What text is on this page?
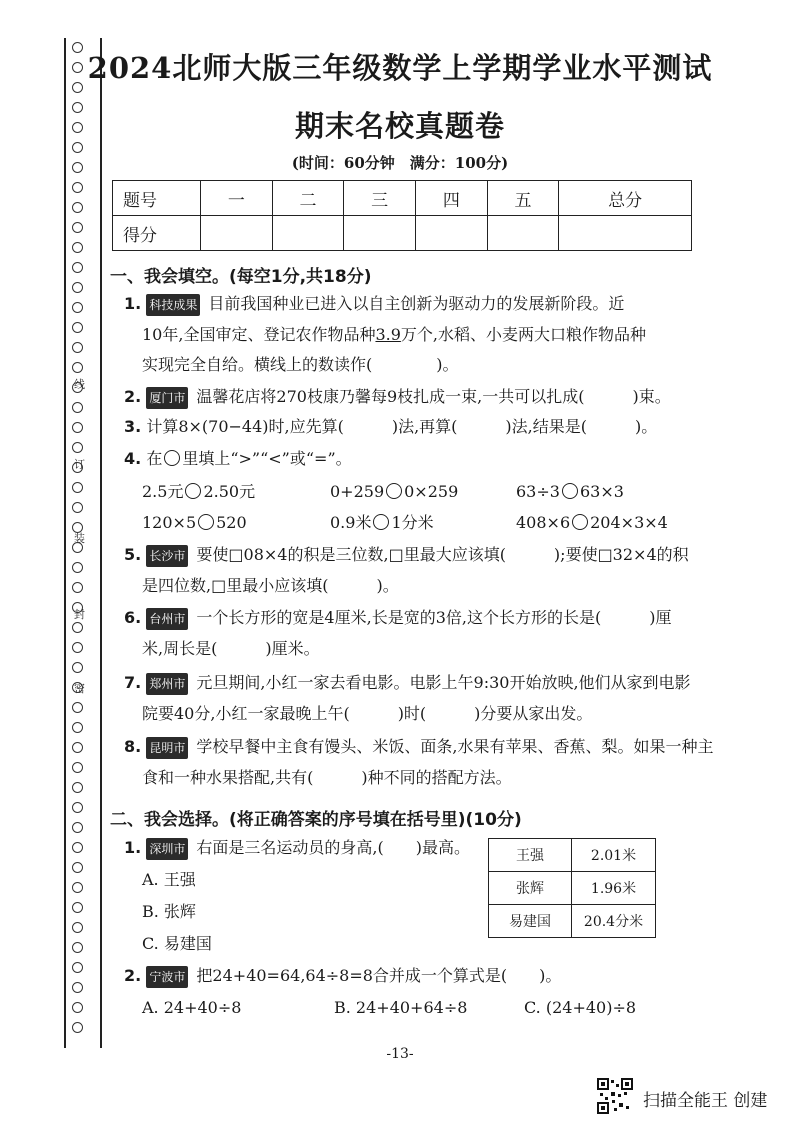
线
订
装
封
密
2024北师大版三年级数学上学期学业水平测试
期末名校真题卷
(时间：60分钟　满分：100分)
题号	一	二	三	四	五	总分
得分						
一、我会填空。(每空1分,共18分)
1. 科技成果 目前我国种业已进入以自主创新为驱动力的发展新阶段。近
10年,全国审定、登记农作物品种3.9万个,水稻、小麦两大口粮作物品种
实现完全自给。横线上的数读作(　　　　)。
2. 厦门市 温馨花店将270枝康乃馨每9枝扎成一束,一共可以扎成(　　　)束。
3. 计算8×(70−44)时,应先算(　　　)法,再算(　　　)法,结果是(　　　)。
4. 在 里填上“>”“<”或“=”。
2.5元 2.50元	0+259 0×259	63÷3 63×3
120×5 520	0.9米 1分米	408×6 204×3×4
5. 长沙市 要使□08×4的积是三位数,□里最大应该填(　　　);要使□32×4的积
是四位数,□里最小应该填(　　　)。
6. 台州市 一个长方形的宽是4厘米,长是宽的3倍,这个长方形的长是(　　　)厘
米,周长是(　　　)厘米。
7. 郑州市 元旦期间,小红一家去看电影。电影上午9:30开始放映,他们从家到电影
院要40分,小红一家最晚上午(　　　)时(　　　)分要从家出发。
8. 昆明市 学校早餐中主食有馒头、米饭、面条,水果有苹果、香蕉、梨。如果一种主
食和一种水果搭配,共有(　　　)种不同的搭配方法。
二、我会选择。(将正确答案的序号填在括号里)(10分)
1. 深圳市 右面是三名运动员的身高,(　　)最高。
A. 王强
B. 张辉
C. 易建国
王强	2.01米
张辉	1.96米
易建国	20.4分米
2. 宁波市 把24+40=64,64÷8=8合并成一个算式是(　　)。
A. 24+40÷8	B. 24+40+64÷8	C. (24+40)÷8
-13-
扫描全能王 创建
